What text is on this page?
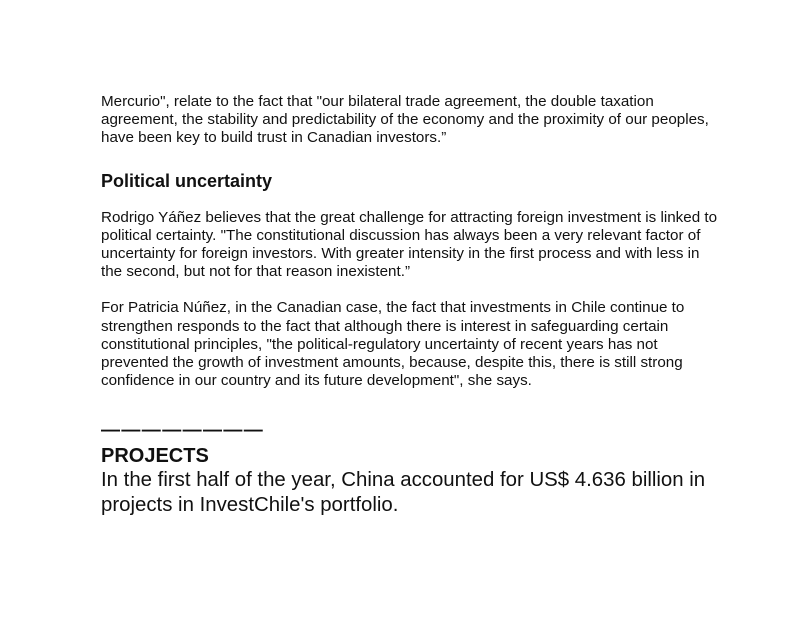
Mercurio", relate to the fact that "our bilateral trade agreement, the double taxation agreement, the stability and predictability of the economy and the proximity of our peoples, have been key to build trust in Canadian investors.”

Political uncertainty

Rodrigo Yáñez believes that the great challenge for attracting foreign investment is linked to political certainty. "The constitutional discussion has always been a very relevant factor of uncertainty for foreign investors. With greater intensity in the first process and with less in the second, but not for that reason inexistent.”

For Patricia Núñez, in the Canadian case, the fact that investments in Chile continue to strengthen responds to the fact that although there is interest in safeguarding certain constitutional principles, "the political-regulatory uncertainty of recent years has not prevented the growth of investment amounts, because, despite this, there is still strong confidence in our country and its future development", she says.

————————
PROJECTS

In the first half of the year, China accounted for US$ 4.636 billion in projects in InvestChile's portfolio.
